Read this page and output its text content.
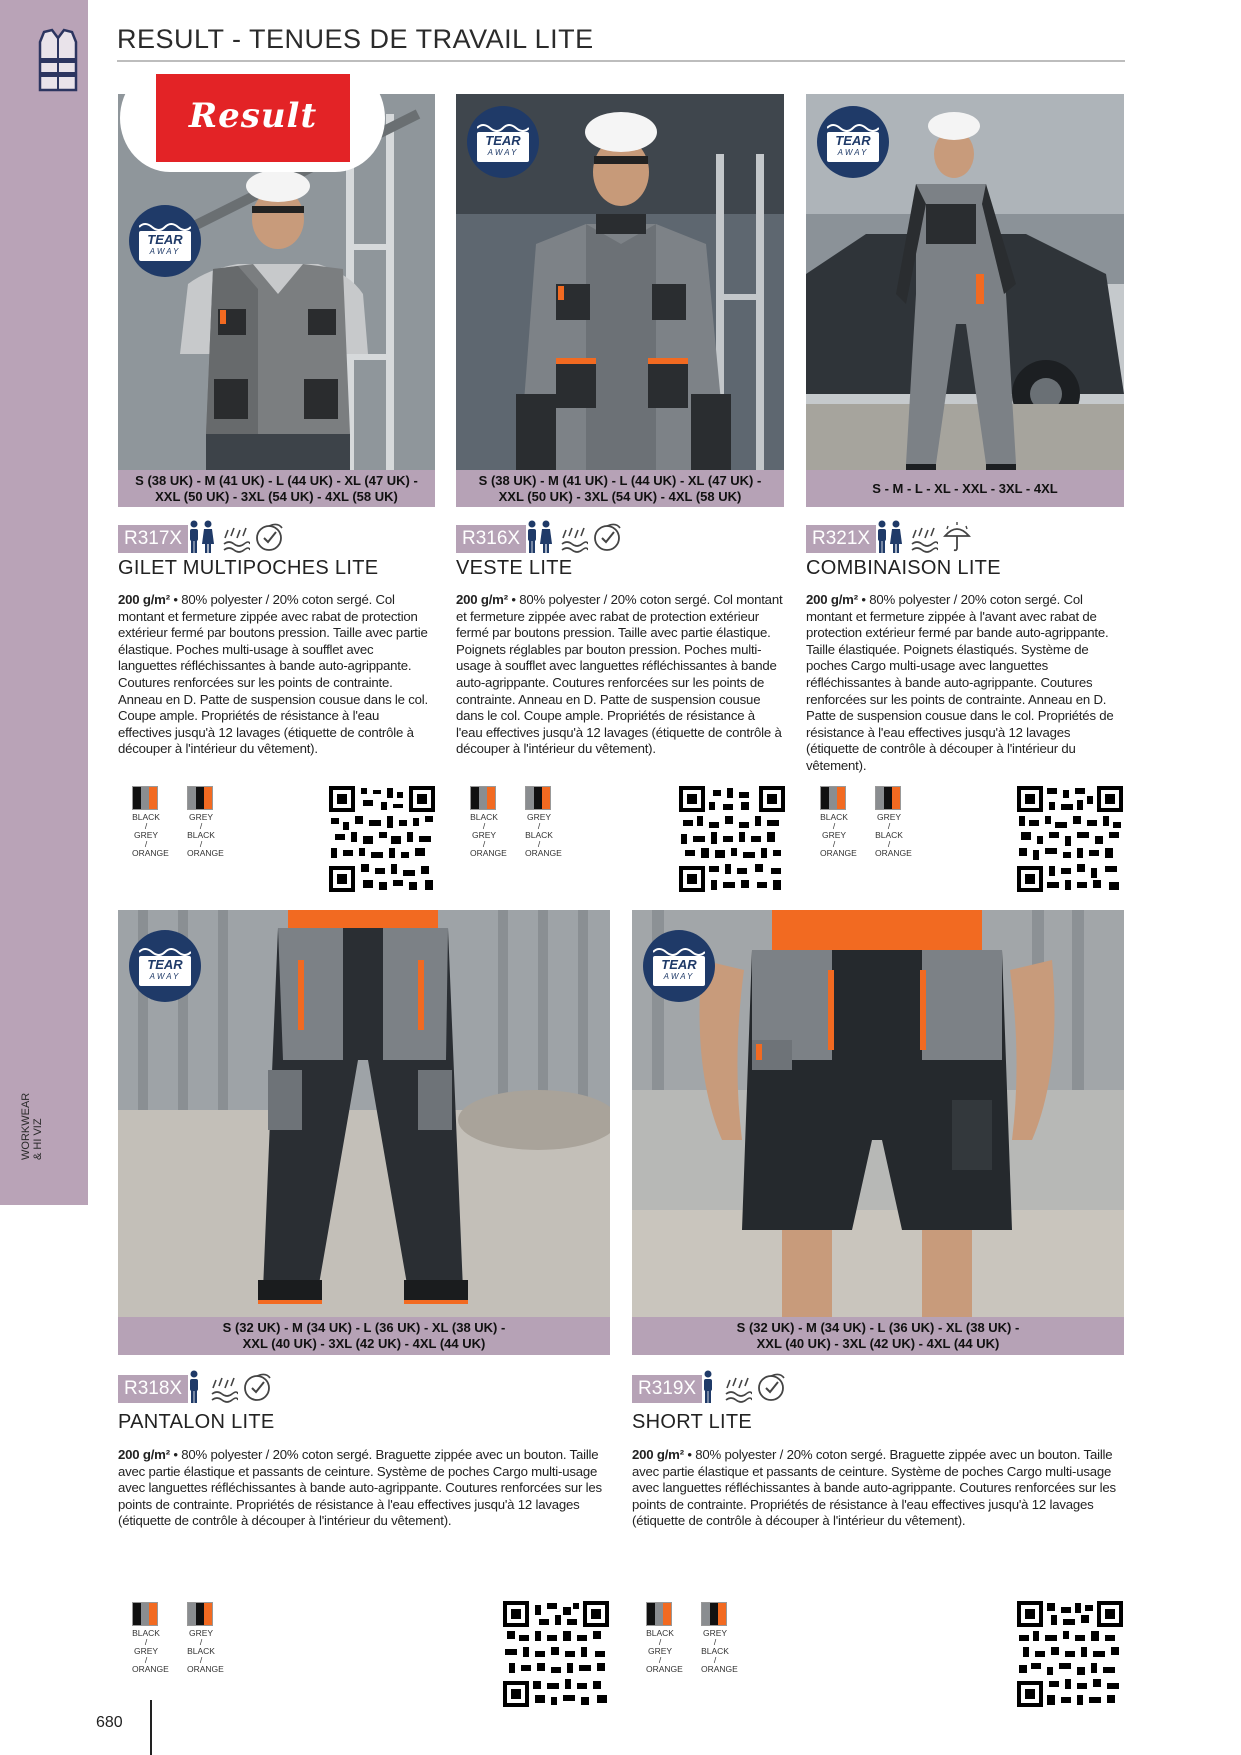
WORKWEAR & HI VIZ
RESULT - TENUES DE TRAVAIL LITE
Result
TEAR
AWAY
S (38 UK) - M (41 UK) - L (44 UK) - XL (47 UK) -
XXL (50 UK) - 3XL (54 UK) - 4XL (58 UK)
R317X
GILET MULTIPOCHES LITE
200 g/m² • 80% polyester / 20% coton sergé. Col montant et fermeture zippée avec rabat de protection extérieur fermé par boutons pression. Taille avec partie élastique. Poches multi-usage à soufflet avec languettes réfléchissantes à bande auto-agrippante. Coutures renforcées sur les points de contrainte. Anneau en D. Patte de suspension cousue dans le col. Coupe ample. Propriétés de résistance à l'eau effectives jusqu'à 12 lavages (étiquette de contrôle à découper à l'intérieur du vêtement).
BLACK / GREY / ORANGE
GREY / BLACK / ORANGE
TEAR
AWAY
S (38 UK) - M (41 UK) - L (44 UK) - XL (47 UK) -
XXL (50 UK) - 3XL (54 UK) - 4XL (58 UK)
R316X
VESTE LITE
200 g/m² • 80% polyester / 20% coton sergé. Col montant et fermeture zippée avec rabat de protection extérieur fermé par boutons pression. Taille avec partie élastique. Poignets réglables par bouton pression. Poches multi-usage à soufflet avec languettes réfléchissantes à bande auto-agrippante. Coutures renforcées sur les points de contrainte. Anneau en D. Patte de suspension cousue dans le col. Coupe ample. Propriétés de résistance à l'eau effectives jusqu'à 12 lavages (étiquette de contrôle à découper à l'intérieur du vêtement).
BLACK / GREY / ORANGE
GREY / BLACK / ORANGE
TEAR
AWAY
S - M - L - XL - XXL - 3XL - 4XL
R321X
COMBINAISON LITE
200 g/m² • 80% polyester / 20% coton sergé. Col montant et fermeture zippée à l'avant avec rabat de protection extérieur fermé par bande auto-agrippante. Taille élastiquée. Poignets élastiqués. Système de poches Cargo multi-usage avec languettes réfléchissantes à bande auto-agrippante. Coutures renforcées sur les points de contrainte. Anneau en D. Patte de suspension cousue dans le col. Propriétés de résistance à l'eau effectives jusqu'à 12 lavages (étiquette de contrôle à découper à l'intérieur du vêtement).
BLACK / GREY / ORANGE
GREY / BLACK / ORANGE
TEAR
AWAY
S (32 UK) - M (34 UK) - L (36 UK) - XL (38 UK) -
XXL (40 UK) - 3XL (42 UK) - 4XL (44 UK)
R318X
PANTALON LITE
200 g/m² • 80% polyester / 20% coton sergé. Braguette zippée avec un bouton. Taille avec partie élastique et passants de ceinture. Système de poches Cargo multi-usage avec languettes réfléchissantes à bande auto-agrippante. Coutures renforcées sur les points de contrainte. Propriétés de résistance à l'eau effectives jusqu'à 12 lavages (étiquette de contrôle à découper à l'intérieur du vêtement).
BLACK / GREY / ORANGE
GREY / BLACK / ORANGE
TEAR
AWAY
S (32 UK) - M (34 UK) - L (36 UK) - XL (38 UK) -
XXL (40 UK) - 3XL (42 UK) - 4XL (44 UK)
R319X
SHORT LITE
200 g/m² • 80% polyester / 20% coton sergé. Braguette zippée avec un bouton. Taille avec partie élastique et passants de ceinture. Système de poches Cargo multi-usage avec languettes réfléchissantes à bande auto-agrippante. Coutures renforcées sur les points de contrainte. Propriétés de résistance à l'eau effectives jusqu'à 12 lavages (étiquette de contrôle à découper à l'intérieur du vêtement).
BLACK / GREY / ORANGE
GREY / BLACK / ORANGE
680
